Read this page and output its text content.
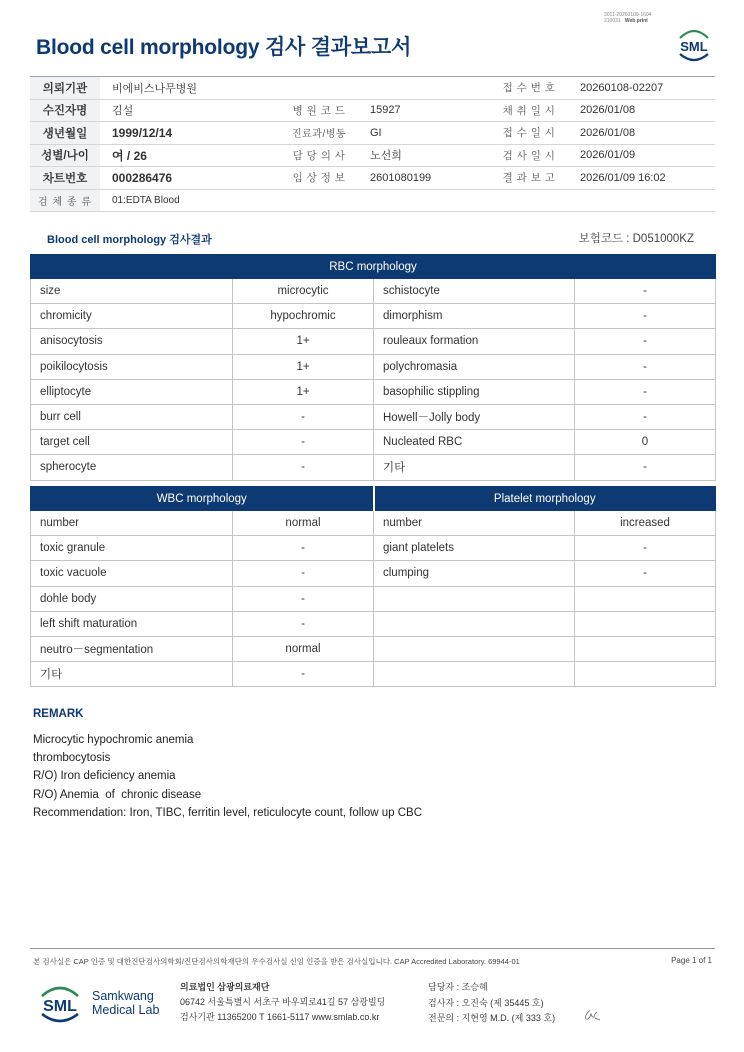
3011-20260109-1604
210031 Web print
Blood cell morphology 검사 결과보고서	SML
의뢰기관	비에비스나무병원			접 수 번 호	20260108-02207
수진자명	김설	병 원 코 드	15927	채 취 일 시	2026/01/08
생년월일	1999/12/14	진료과/병동	GI	접 수 일 시	2026/01/08
성별/나이	여 / 26	담 당 의 사	노선희	검 사 일 시	2026/01/09
차트번호	000286476	임 상 정 보	2601080199	결 과 보 고	2026/01/09 16:02
검 체 종 류	01:EDTA Blood				
Blood cell morphology 검사결과	보험코드 : D051000KZ
RBC morphology			
size	microcytic	schistocyte	-
chromicity	hypochromic	dimorphism	-
anisocytosis	1+	rouleaux formation	-
poikilocytosis	1+	polychromasia	-
elliptocyte	1+	basophilic stippling	-
burr cell	-	Howell－Jolly body	-
target cell	-	Nucleated RBC	0
spherocyte	-	기타	-
WBC morphology		Platelet morphology	
number	normal	number	increased
toxic granule	-	giant platelets	-
toxic vacuole	-	clumping	-
dohle body	-		
left shift maturation	-		
neutro－segmentation	normal		
기타	-		
REMARK
Microcytic hypochromic anemia
thrombocytosis
R/O) Iron deficiency anemia
R/O) Anemia  of  chronic disease
Recommendation: Iron, TIBC, ferritin level, reticulocyte count, follow up CBC
본 검사실은 CAP 인증 및 대한진단검사의학회/진단검사의학재단의 우수검사실 신임 인증을 받은 검사실입니다. CAP Accredited Laboratory. 69944-01	Page 1 of 1
SML
Samkwang
Medical Lab
의료법인 삼광의료재단
06742 서울특별시 서초구 바우뫼로41길 57 삼광빌딩
검사기관 11365200 T 1661-5117 www.smlab.co.kr
담당자 : 조승혜
검사자 : 오진숙 (제 35445 호)
전문의 : 지현영 M.D. (제 333 호)
